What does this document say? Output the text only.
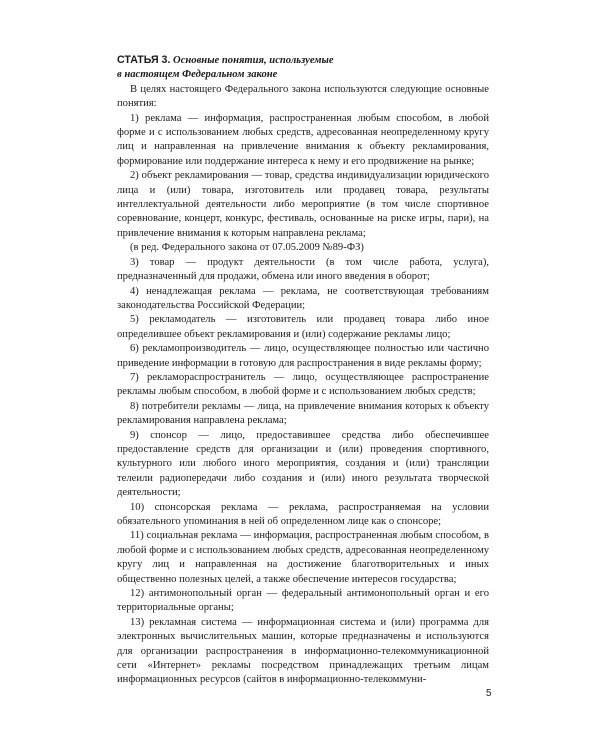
СТАТЬЯ 3. Основные понятия, используемые
в настоящем Федеральном законе

В целях настоящего Федерального закона используются следующие основные понятия:

1) реклама — информация, распространенная любым способом, в любой форме и с использованием любых средств, адресованная неопределенному кругу лиц и направленная на привлечение внимания к объекту рекламирования, формирование или поддержание интереса к нему и его продвижение на рынке;

2) объект рекламирования — товар, средства индивидуализации юридического лица и (или) товара, изготовитель или продавец товара, результаты интеллектуальной деятельности либо мероприятие (в том числе спортивное соревнование, концерт, конкурс, фестиваль, основанные на риске игры, пари), на привлечение внимания к которым направлена реклама;

(в ред. Федерального закона от 07.05.2009 №89-ФЗ)

3) товар — продукт деятельности (в том числе работа, услуга), предназначенный для продажи, обмена или иного введения в оборот;

4) ненадлежащая реклама — реклама, не соответствующая требованиям законодательства Российской Федерации;

5) рекламодатель — изготовитель или продавец товара либо иное определившее объект рекламирования и (или) содержание рекламы лицо;

6) рекламопроизводитель — лицо, осуществляющее полностью или частично приведение информации в готовую для распространения в виде рекламы форму;

7) рекламораспространитель — лицо, осуществляющее распространение рекламы любым способом, в любой форме и с использованием любых средств;

8) потребители рекламы — лица, на привлечение внимания которых к объекту рекламирования направлена реклама;

9) спонсор — лицо, предоставившее средства либо обеспечившее предоставление средств для организации и (или) проведения спортивного, культурного или любого иного мероприятия, создания и (или) трансляции телеили радиопередачи либо создания и (или) иного результата творческой деятельности;

10) спонсорская реклама — реклама, распространяемая на условии обязательного упоминания в ней об определенном лице как о спонсоре;

11) социальная реклама — информация, распространенная любым способом, в любой форме и с использованием любых средств, адресованная неопределенному кругу лиц и направленная на достижение благотворительных и иных общественно полезных целей, а также обеспечение интересов государства;

12) антимонопольный орган — федеральный антимонопольный орган и его территориальные органы;

13) рекламная система — информационная система и (или) программа для электронных вычислительных машин, которые предназначены и используются для организации распространения в информационно-телекоммуникационной сети «Интернет» рекламы посредством принадлежащих третьим лицам информационных ресурсов (сайтов в информационно-телекоммуни-

5
